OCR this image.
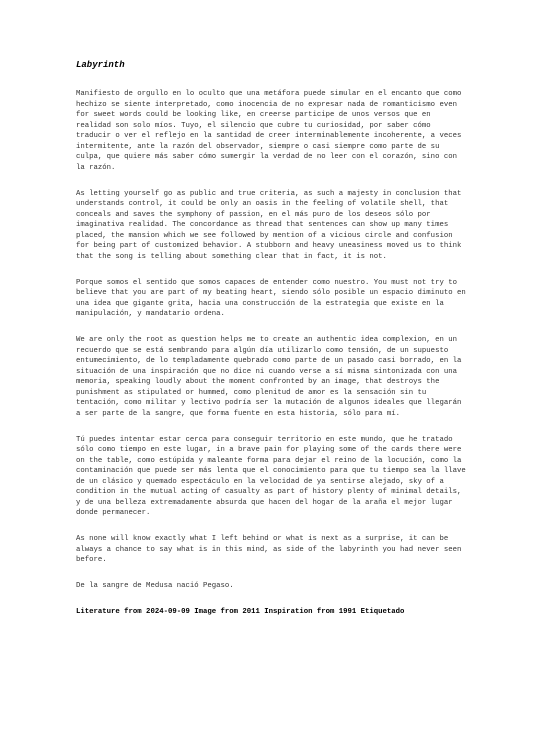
Labyrinth

Manifiesto de orgullo en lo oculto que una metáfora puede simular en el encanto que como hechizo se siente interpretado, como inocencia de no expresar nada de romanticismo even for sweet words could be looking like, en creerse participe de unos versos que en realidad son solo míos. Tuyo, el silencio que cubre tu curiosidad, por saber cómo traducir o ver el reflejo en la santidad de creer interminablemente incoherente, a veces intermitente, ante la razón del observador, siempre o casi siempre como parte de su culpa, que quiere más saber cómo sumergir la verdad de no leer con el corazón, sino con la razón.

As letting yourself go as public and true criteria, as such a majesty in conclusion that understands control, it could be only an oasis in the feeling of volatile shell, that conceals and saves the symphony of passion, en el más puro de los deseos sólo por imaginativa realidad. The concordance as thread that sentences can show up many times placed, the mansion which we see followed by mention of a vicious circle and confusion for being part of customized behavior. A stubborn and heavy uneasiness moved us to think that the song is telling about something clear that in fact, it is not.

Porque somos el sentido que somos capaces de entender como nuestro. You must not try to believe that you are part of my beating heart, siendo sólo posible un espacio diminuto en una idea que gigante grita, hacia una construcción de la estrategia que existe en la manipulación, y mandatario ordena.

We are only the root as question helps me to create an authentic idea complexion, en un recuerdo que se está sembrando para algún día utilizarlo como tensión, de un supuesto entumecimiento, de lo templadamente quebrado como parte de un pasado casi borrado, en la situación de una inspiración que no dice ni cuando verse a sí misma sintonizada con una memoria, speaking loudly about the moment confronted by an image, that destroys the punishment as stipulated or hummed, como plenitud de amor es la sensación sin tu tentación, como militar y lectivo podría ser la mutación de algunos ideales que llegarán a ser parte de la sangre, que forma fuente en esta historia, sólo para mí.

Tú puedes intentar estar cerca para conseguir territorio en este mundo, que he tratado sólo como tiempo en este lugar, in a brave pain for playing some of the cards there were on the table, como estúpida y maleante forma para dejar el reino de la locución, como la contaminación que puede ser más lenta que el conocimiento para que tu tiempo sea la llave de un clásico y quemado espectáculo en la velocidad de ya sentirse alejado, sky of a condition in the mutual acting of casualty as part of history plenty of minimal details, y de una belleza extremadamente absurda que hacen del hogar de la araña el mejor lugar donde permanecer.

As none will know exactly what I left behind or what is next as a surprise, it can be always a chance to say what is in this mind, as side of the labyrinth you had never seen before.

De la sangre de Medusa nació Pegaso.

Literature from 2024-09-09 Image from 2011 Inspiration from 1991 Etiquetado
